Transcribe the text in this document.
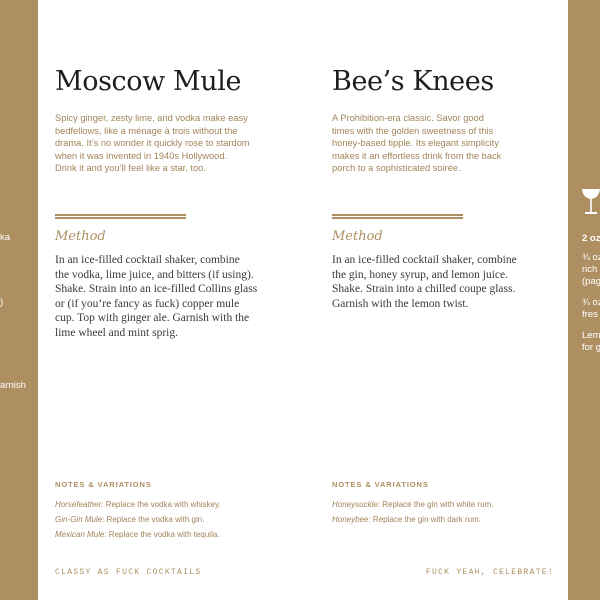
ka
)
arnish
Moscow Mule
Spicy ginger, zesty lime, and vodka make easy
bedfellows, like a ménage à trois without the
drama. It’s no wonder it quickly rose to stardom
when it was invented in 1940s Hollywood.
Drink it and you’ll feel like a star, too.
Method
In an ice-filled cocktail shaker, combine
the vodka, lime juice, and bitters (if using).
Shake. Strain into an ice-filled Collins glass
or (if you’re fancy as fuck) copper mule
cup. Top with ginger ale. Garnish with the
lime wheel and mint sprig.
NOTES & VARIATIONS
Horsefeather: Replace the vodka with whiskey.
Gin-Gin Mule: Replace the vodka with gin.
Mexican Mule: Replace the vodka with tequila.
CLASSY AS FUCK COCKTAILS
Bee’s Knees
A Prohibition-era classic. Savor good
times with the golden sweetness of this
honey-based tipple. Its elegant simplicity
makes it an effortless drink from the back
porch to a sophisticated soirée.
Method
In an ice-filled cocktail shaker, combine
the gin, honey syrup, and lemon juice.
Shake. Strain into a chilled coupe glass.
Garnish with the lemon twist.
NOTES & VARIATIONS
Honeysuckle: Replace the gin with white rum.
Honeybee: Replace the gin with dark rum.
FUCK YEAH, CELEBRATE!
2 oz
¾ oz
rich
(pag
¾ oz
fres
Lem
for g
